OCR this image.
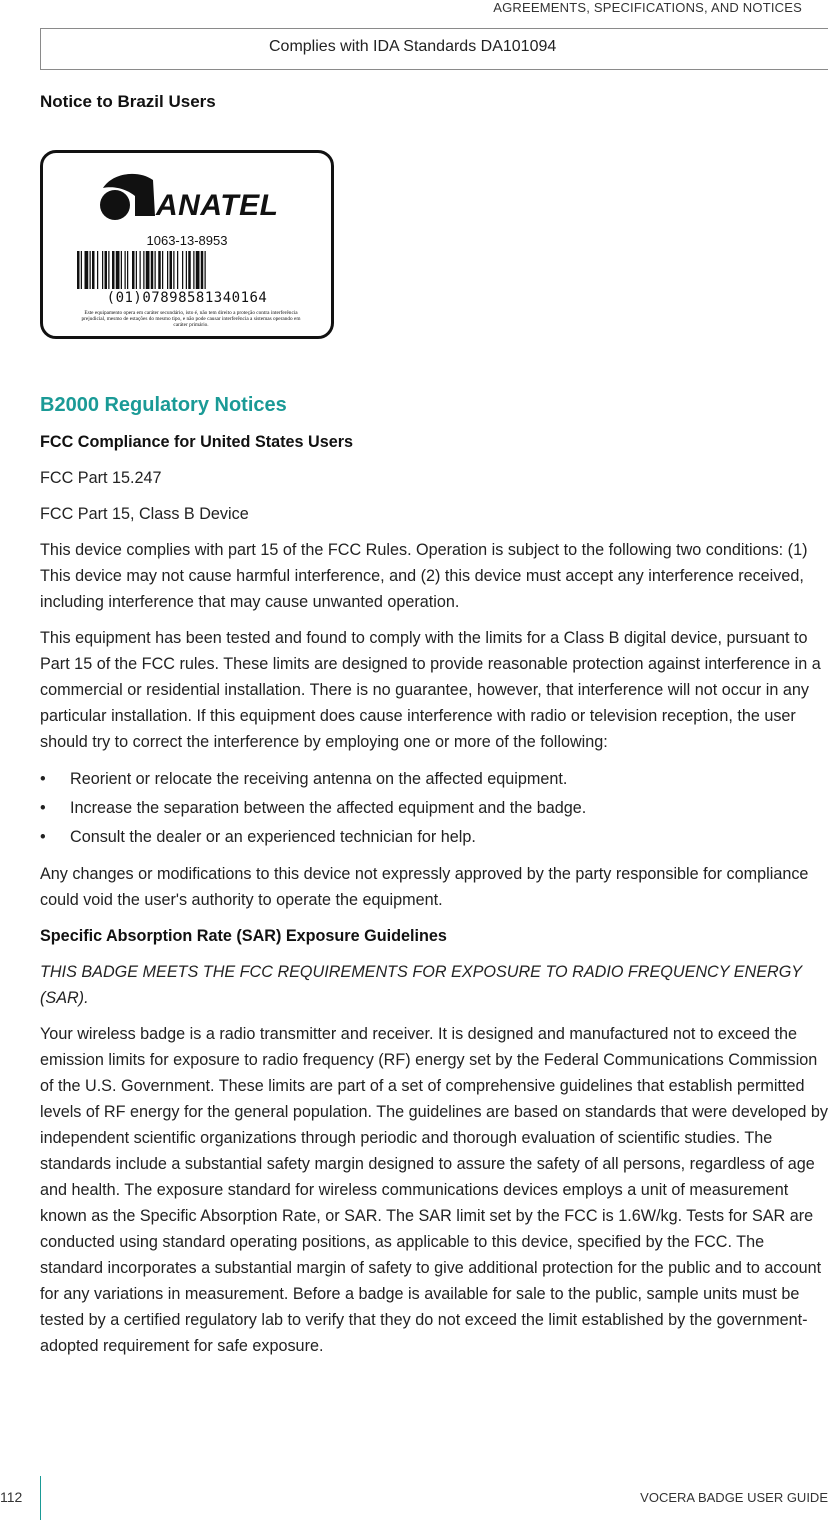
AGREEMENTS, SPECIFICATIONS, AND NOTICES
Complies with IDA Standards DA101094
Notice to Brazil Users
ANATEL
1063-13-8953
(01)07898581340164
Este equipamento opera em caráter secundário, isto é, não tem direito a proteção contra interferência prejudicial, mesmo de estações do mesmo tipo, e não pode causar interferência a sistemas operando em caráter primário.
B2000 Regulatory Notices

FCC Compliance for United States Users

FCC Part 15.247

FCC Part 15, Class B Device

This device complies with part 15 of the FCC Rules. Operation is subject to the following two conditions: (1) This device may not cause harmful interference, and (2) this device must accept any interference received, including interference that may cause unwanted operation.

This equipment has been tested and found to comply with the limits for a Class B digital device, pursuant to Part 15 of the FCC rules. These limits are designed to provide reasonable protection against interference in a commercial or residential installation. There is no guarantee, however, that interference will not occur in any particular installation. If this equipment does cause interference with radio or television reception, the user should try to correct the interference by employing one or more of the following:

• Reorient or relocate the receiving antenna on the affected equipment.
• Increase the separation between the affected equipment and the badge.
• Consult the dealer or an experienced technician for help.

Any changes or modifications to this device not expressly approved by the party responsible for compliance could void the user's authority to operate the equipment.

Specific Absorption Rate (SAR) Exposure Guidelines

THIS BADGE MEETS THE FCC REQUIREMENTS FOR EXPOSURE TO RADIO FREQUENCY ENERGY (SAR).

Your wireless badge is a radio transmitter and receiver. It is designed and manufactured not to exceed the emission limits for exposure to radio frequency (RF) energy set by the Federal Communications Commission of the U.S. Government. These limits are part of a set of comprehensive guidelines that establish permitted levels of RF energy for the general population. The guidelines are based on standards that were developed by independent scientific organizations through periodic and thorough evaluation of scientific studies. The standards include a substantial safety margin designed to assure the safety of all persons, regardless of age and health. The exposure standard for wireless communications devices employs a unit of measurement known as the Specific Absorption Rate, or SAR. The SAR limit set by the FCC is 1.6W/kg. Tests for SAR are conducted using standard operating positions, as applicable to this device, specified by the FCC. The standard incorporates a substantial margin of safety to give additional protection for the public and to account for any variations in measurement. Before a badge is available for sale to the public, sample units must be tested by a certified regulatory lab to verify that they do not exceed the limit established by the government-adopted requirement for safe exposure.

112	VOCERA BADGE USER GUIDE
